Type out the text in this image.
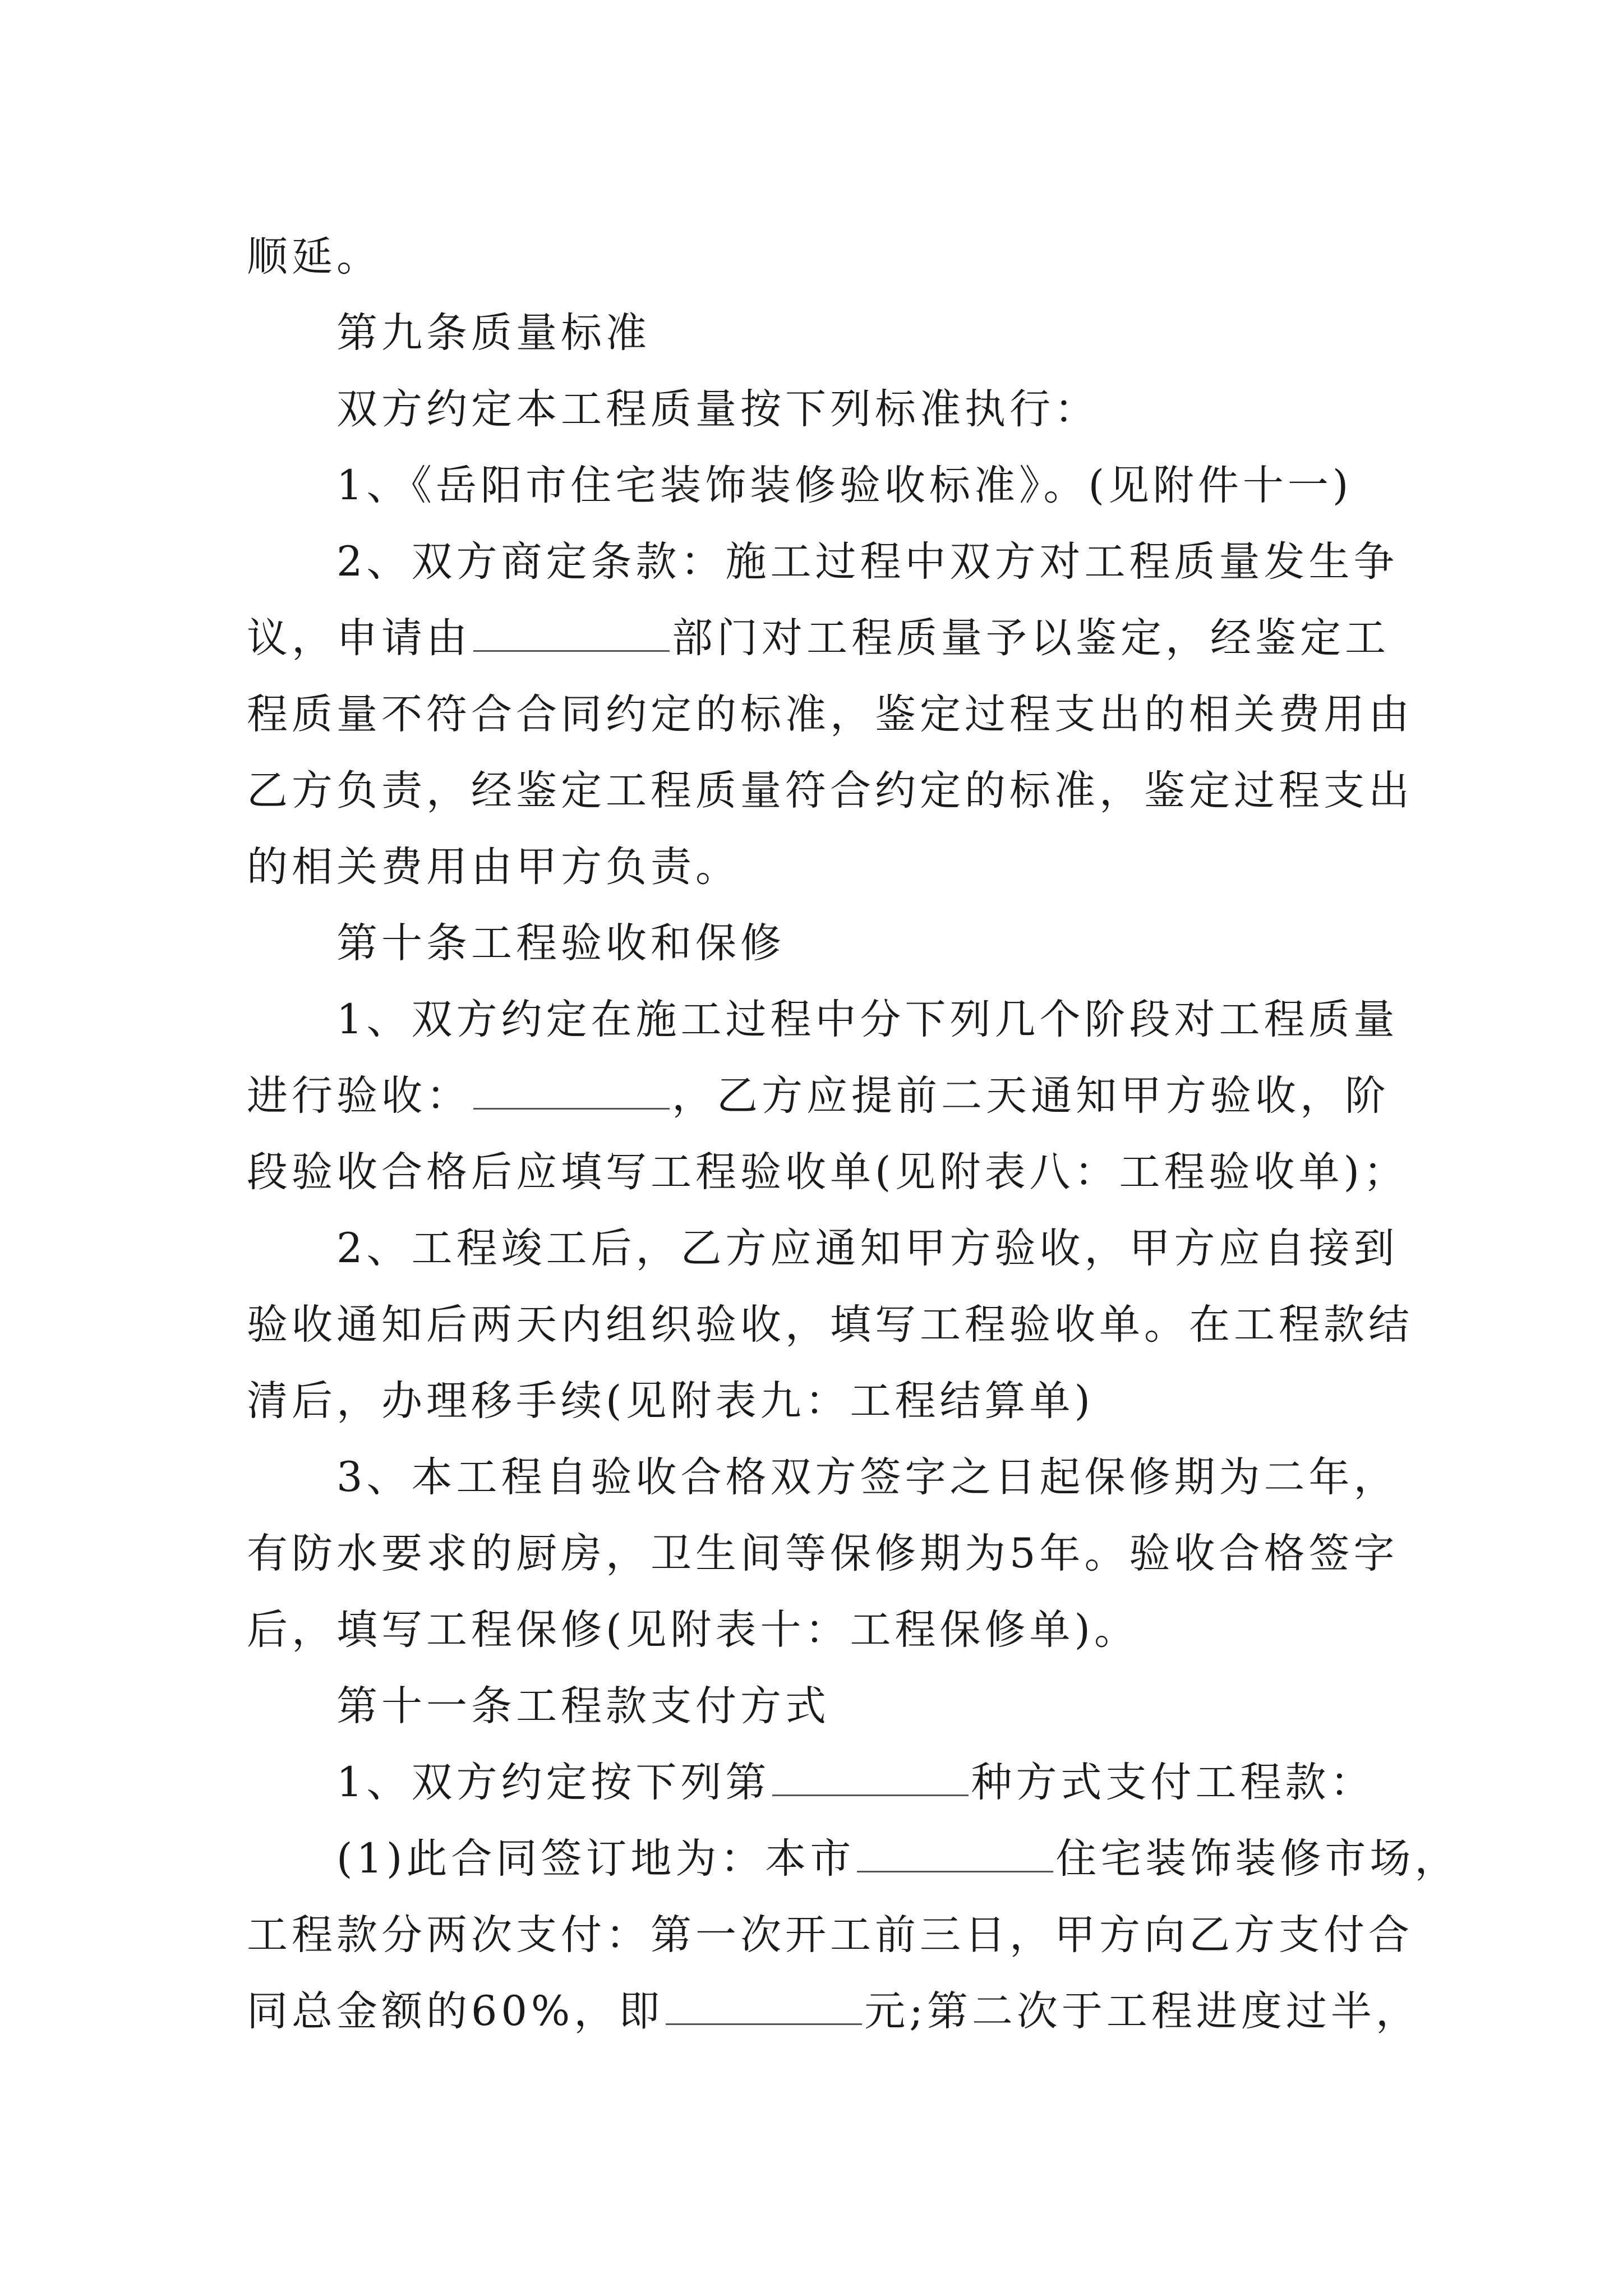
顺延。
第九条质量标准
双方约定本工程质量按下列标准执行：
1、《岳阳市住宅装饰装修验收标准》。(见附件十一)
2、双方商定条款：施工过程中双方对工程质量发生争
议，申请由	部门对工程质量予以鉴定，经鉴定工
程质量不符合合同约定的标准，鉴定过程支出的相关费用由
乙方负责，经鉴定工程质量符合约定的标准，鉴定过程支出
的相关费用由甲方负责。
第十条工程验收和保修
1、双方约定在施工过程中分下列几个阶段对工程质量
进行验收：	，乙方应提前二天通知甲方验收，阶
段验收合格后应填写工程验收单(见附表八：工程验收单)；
2、工程竣工后，乙方应通知甲方验收，甲方应自接到
验收通知后两天内组织验收，填写工程验收单。在工程款结
清后，办理移手续(见附表九：工程结算单)
3、本工程自验收合格双方签字之日起保修期为二年，
有防水要求的厨房，卫生间等保修期为5年。验收合格签字
后，填写工程保修(见附表十：工程保修单)。
第十一条工程款支付方式
1、双方约定按下列第	种方式支付工程款：
(1)此合同签订地为：本市	住宅装饰装修市场，
工程款分两次支付：第一次开工前三日，甲方向乙方支付合
同总金额的60%，即	元;第二次于工程进度过半，
